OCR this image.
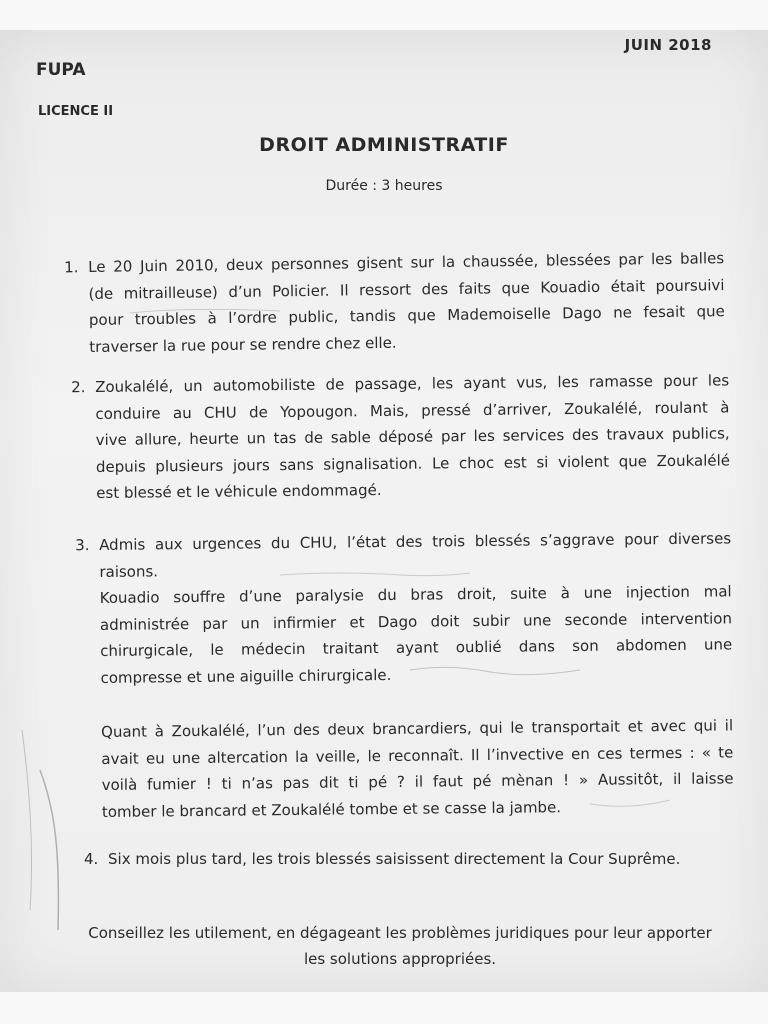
JUIN 2018
FUPA
LICENCE II
DROIT ADMINISTRATIF
Durée : 3 heures
1. Le 20 Juin 2010, deux personnes gisent sur la chaussée, blessées par les balles

(de mitrailleuse) d’un Policier. Il ressort des faits que Kouadio était poursuivi

pour troubles à l’ordre public, tandis que Mademoiselle Dago ne fesait que

traverser la rue pour se rendre chez elle.

2. Zoukalélé, un automobiliste de passage, les ayant vus, les ramasse pour les

conduire au CHU de Yopougon. Mais, pressé d’arriver, Zoukalélé, roulant à

vive allure, heurte un tas de sable déposé par les services des travaux publics,

depuis plusieurs jours sans signalisation. Le choc est si violent que Zoukalélé

est blessé et le véhicule endommagé.

3. Admis aux urgences du CHU, l’état des trois blessés s’aggrave pour diverses

raisons.

Kouadio souffre d’une paralysie du bras droit, suite à une injection mal

administrée par un infirmier et Dago doit subir une seconde intervention

chirurgicale, le médecin traitant ayant oublié dans son abdomen une

compresse et une aiguille chirurgicale.

Quant à Zoukalélé, l’un des deux brancardiers, qui le transportait et avec qui il

avait eu une altercation la veille, le reconnaît. Il l’invective en ces termes : « te

voilà fumier ! ti n’as pas dit ti pé ? il faut pé mènan ! » Aussitôt, il laisse

tomber le brancard et Zoukalélé tombe et se casse la jambe.

4. Six mois plus tard, les trois blessés saisissent directement la Cour Suprême.

Conseillez les utilement, en dégageant les problèmes juridiques pour leur apporter
les solutions appropriées.
